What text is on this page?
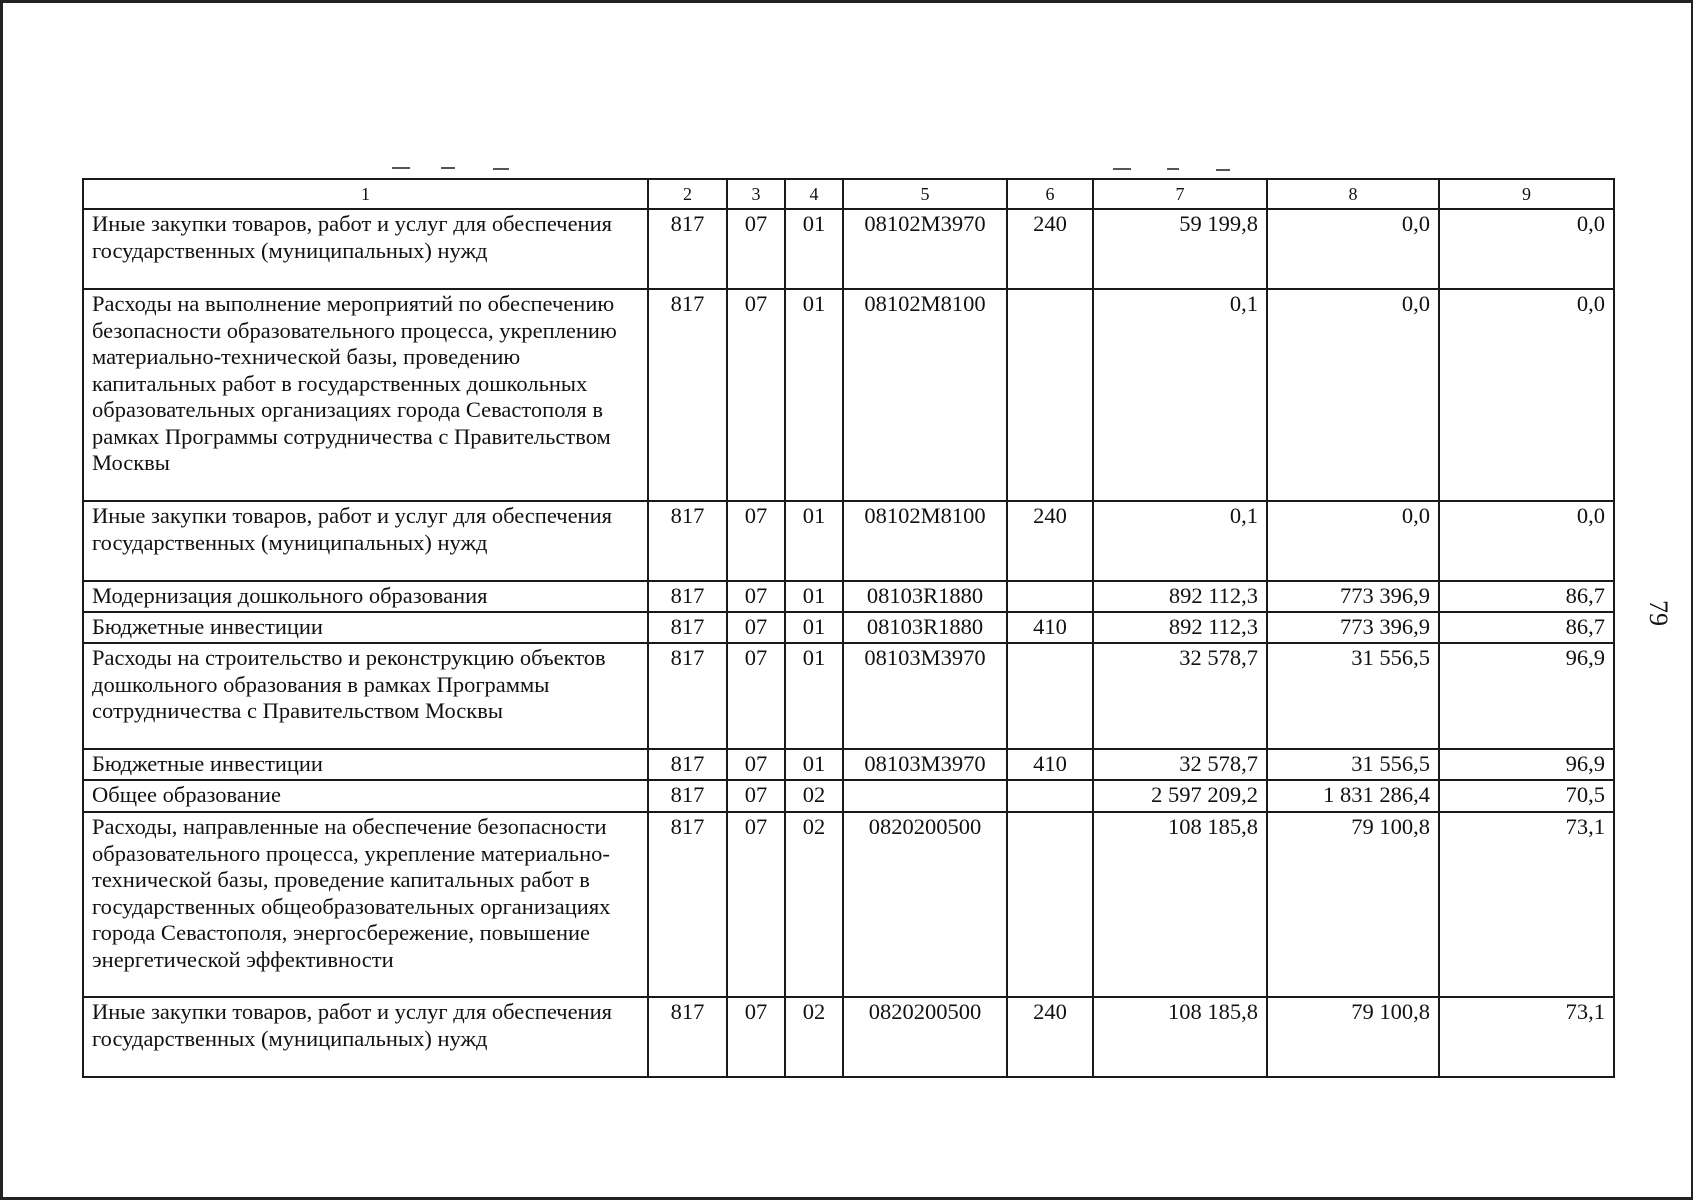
1	2	3	4	5	6	7	8	9
Иные закупки товаров, работ и услуг для обеспечения государственных (муниципальных) нужд	817	07	01	08102М3970	240	59 199,8	0,0	0,0
Расходы на выполнение мероприятий по обеспечению безопасности образовательного процесса, укреплению материально-технической базы, проведению капитальных работ в государственных дошкольных образовательных организациях города Севастополя в рамках Программы сотрудничества с Правительством Москвы	817	07	01	08102М8100		0,1	0,0	0,0
Иные закупки товаров, работ и услуг для обеспечения государственных (муниципальных) нужд	817	07	01	08102М8100	240	0,1	0,0	0,0
Модернизация дошкольного образования	817	07	01	08103R1880		892 112,3	773 396,9	86,7
Бюджетные инвестиции	817	07	01	08103R1880	410	892 112,3	773 396,9	86,7
Расходы на строительство и реконструкцию объектов дошкольного образования в рамках Программы сотрудничества с Правительством Москвы	817	07	01	08103М3970		32 578,7	31 556,5	96,9
Бюджетные инвестиции	817	07	01	08103М3970	410	32 578,7	31 556,5	96,9
Общее образование	817	07	02			2 597 209,2	1 831 286,4	70,5
Расходы, направленные на обеспечение безопасности образовательного процесса, укрепление материально-технической базы, проведение капитальных работ в государственных общеобразовательных организациях города Севастополя, энергосбережение, повышение энергетической эффективности	817	07	02	0820200500		108 185,8	79 100,8	73,1
Иные закупки товаров, работ и услуг для обеспечения государственных (муниципальных) нужд	817	07	02	0820200500	240	108 185,8	79 100,8	73,1
79
